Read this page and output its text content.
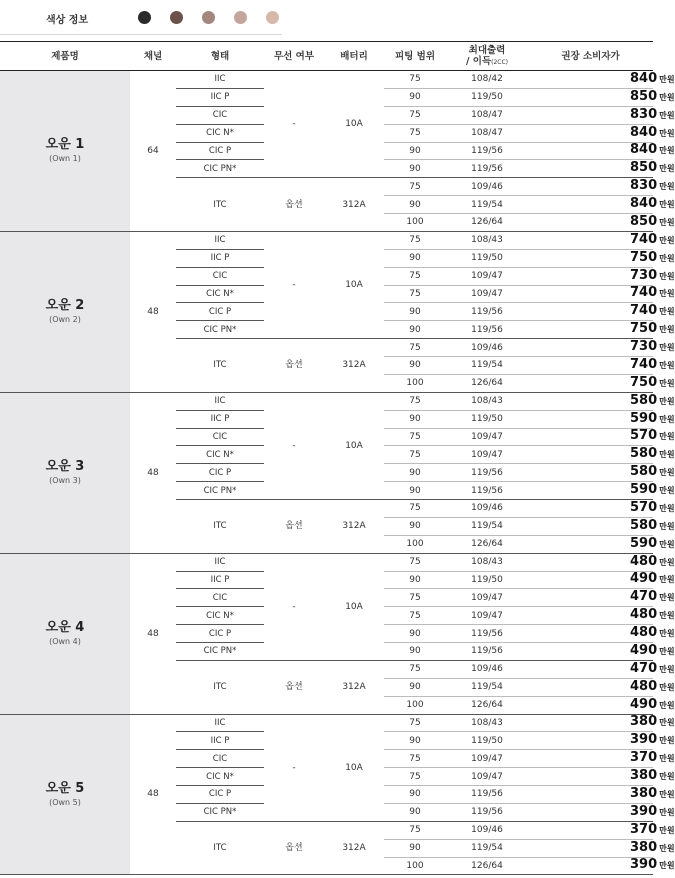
색상 정보
제품명	채널	형태	무선 여부	배터리	피팅 범위	최대출력
/ 이득(2CC)	권장 소비자가

오운 1
(Own 1)	64	IIC	-	10A	75	108/42	840 만원
		IIC P			90	119/50	850 만원
		CIC			75	108/47	830 만원
		CIC N*			75	108/47	840 만원
		CIC P			90	119/56	840 만원
		CIC PN*			90	119/56	850 만원
		ITC	옵션	312A	75	109/46	830 만원
					90	119/54	840 만원
					100	126/64	850 만원

오운 2
(Own 2)	48	IIC	-	10A	75	108/43	740 만원
		IIC P			90	119/50	750 만원
		CIC			75	109/47	730 만원
		CIC N*			75	109/47	740 만원
		CIC P			90	119/56	740 만원
		CIC PN*			90	119/56	750 만원
		ITC	옵션	312A	75	109/46	730 만원
					90	119/54	740 만원
					100	126/64	750 만원

오운 3
(Own 3)	48	IIC	-	10A	75	108/43	580 만원
		IIC P			90	119/50	590 만원
		CIC			75	109/47	570 만원
		CIC N*			75	109/47	580 만원
		CIC P			90	119/56	580 만원
		CIC PN*			90	119/56	590 만원
		ITC	옵션	312A	75	109/46	570 만원
					90	119/54	580 만원
					100	126/64	590 만원

오운 4
(Own 4)	48	IIC	-	10A	75	108/43	480 만원
		IIC P			90	119/50	490 만원
		CIC			75	109/47	470 만원
		CIC N*			75	109/47	480 만원
		CIC P			90	119/56	480 만원
		CIC PN*			90	119/56	490 만원
		ITC	옵션	312A	75	109/46	470 만원
					90	119/54	480 만원
					100	126/64	490 만원

오운 5
(Own 5)	48	IIC	-	10A	75	108/43	380 만원
		IIC P			90	119/50	390 만원
		CIC			75	109/47	370 만원
		CIC N*			75	109/47	380 만원
		CIC P			90	119/56	380 만원
		CIC PN*			90	119/56	390 만원
		ITC	옵션	312A	75	109/46	370 만원
					90	119/54	380 만원
					100	126/64	390 만원
